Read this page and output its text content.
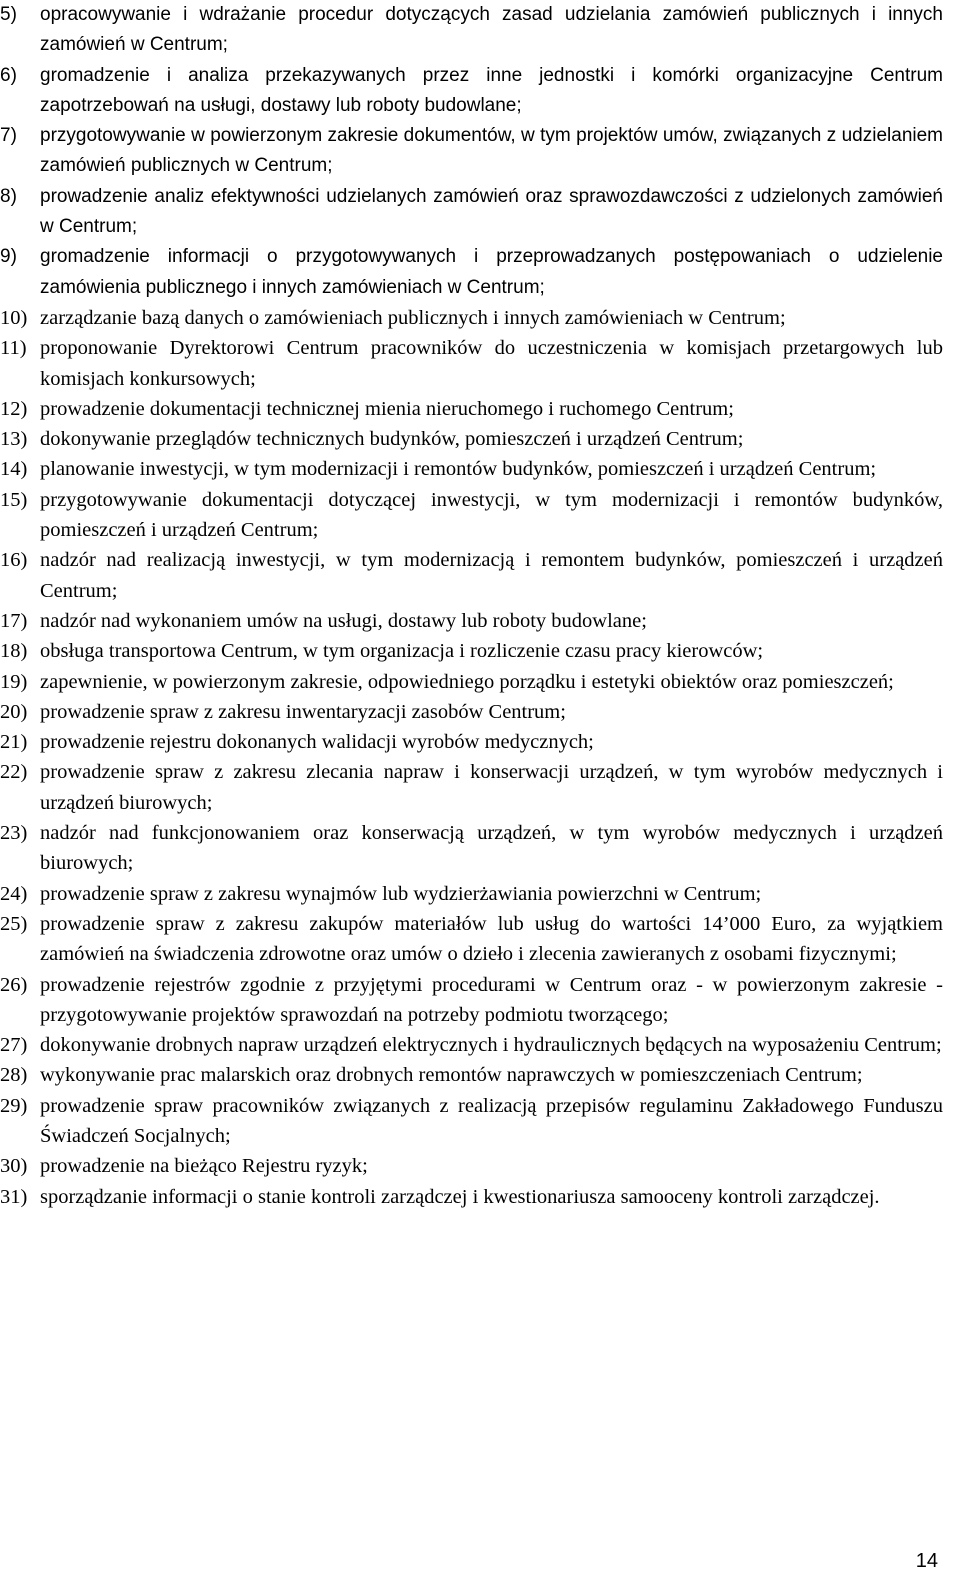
5)	opracowywanie i wdrażanie procedur dotyczących zasad udzielania zamówień publicznych i innych zamówień w Centrum;
6)	gromadzenie i analiza przekazywanych przez inne jednostki i komórki organizacyjne Centrum zapotrzebowań na usługi, dostawy lub roboty budowlane;
7)	przygotowywanie w powierzonym zakresie dokumentów, w tym projektów umów, związanych z udzielaniem zamówień publicznych w Centrum;
8)	prowadzenie analiz efektywności udzielanych zamówień oraz sprawozdawczości z udzielonych zamówień w Centrum;
9)	gromadzenie informacji o przygotowywanych i przeprowadzanych postępowaniach o udzielenie zamówienia publicznego i innych zamówieniach w Centrum;
10) zarządzanie bazą danych o zamówieniach publicznych i innych zamówieniach w Centrum;
11) proponowanie Dyrektorowi Centrum pracowników do uczestniczenia w komisjach przetargowych lub komisjach konkursowych;
12) prowadzenie dokumentacji technicznej mienia nieruchomego i ruchomego Centrum;
13) dokonywanie przeglądów technicznych budynków, pomieszczeń i urządzeń Centrum;
14) planowanie inwestycji, w tym modernizacji i remontów budynków, pomieszczeń i urządzeń Centrum;
15) przygotowywanie dokumentacji dotyczącej inwestycji, w tym modernizacji i remontów budynków, pomieszczeń i urządzeń Centrum;
16) nadzór nad realizacją inwestycji, w tym modernizacją i remontem budynków, pomieszczeń i urządzeń Centrum;
17) nadzór nad wykonaniem umów na usługi, dostawy lub roboty budowlane;
18) obsługa transportowa Centrum, w tym organizacja i rozliczenie czasu pracy kierowców;
19) zapewnienie, w powierzonym zakresie, odpowiedniego porządku i estetyki obiektów oraz pomieszczeń;
20) prowadzenie spraw z zakresu inwentaryzacji zasobów Centrum;
21) prowadzenie rejestru dokonanych walidacji wyrobów medycznych;
22) prowadzenie spraw z zakresu zlecania napraw i konserwacji urządzeń, w tym wyrobów medycznych i urządzeń biurowych;
23) nadzór nad funkcjonowaniem oraz konserwacją urządzeń, w tym wyrobów medycznych i urządzeń biurowych;
24) prowadzenie spraw z zakresu wynajmów lub wydzierżawiania powierzchni w Centrum;
25) prowadzenie spraw z zakresu zakupów materiałów lub usług do wartości 14’000 Euro, za wyjątkiem zamówień na świadczenia zdrowotne oraz umów o dzieło i zlecenia zawieranych z osobami fizycznymi;
26) prowadzenie rejestrów zgodnie z przyjętymi procedurami w Centrum oraz - w powierzonym zakresie - przygotowywanie projektów sprawozdań na potrzeby podmiotu tworzącego;
27) dokonywanie drobnych napraw urządzeń elektrycznych i hydraulicznych będących na wyposażeniu Centrum;
28) wykonywanie prac malarskich oraz drobnych remontów naprawczych w pomieszczeniach Centrum;
29) prowadzenie spraw pracowników związanych z realizacją przepisów regulaminu Zakładowego Funduszu Świadczeń Socjalnych;
30) prowadzenie na bieżąco Rejestru ryzyk;
31) sporządzanie informacji o stanie kontroli zarządczej i kwestionariusza samooceny kontroli zarządczej.
14
